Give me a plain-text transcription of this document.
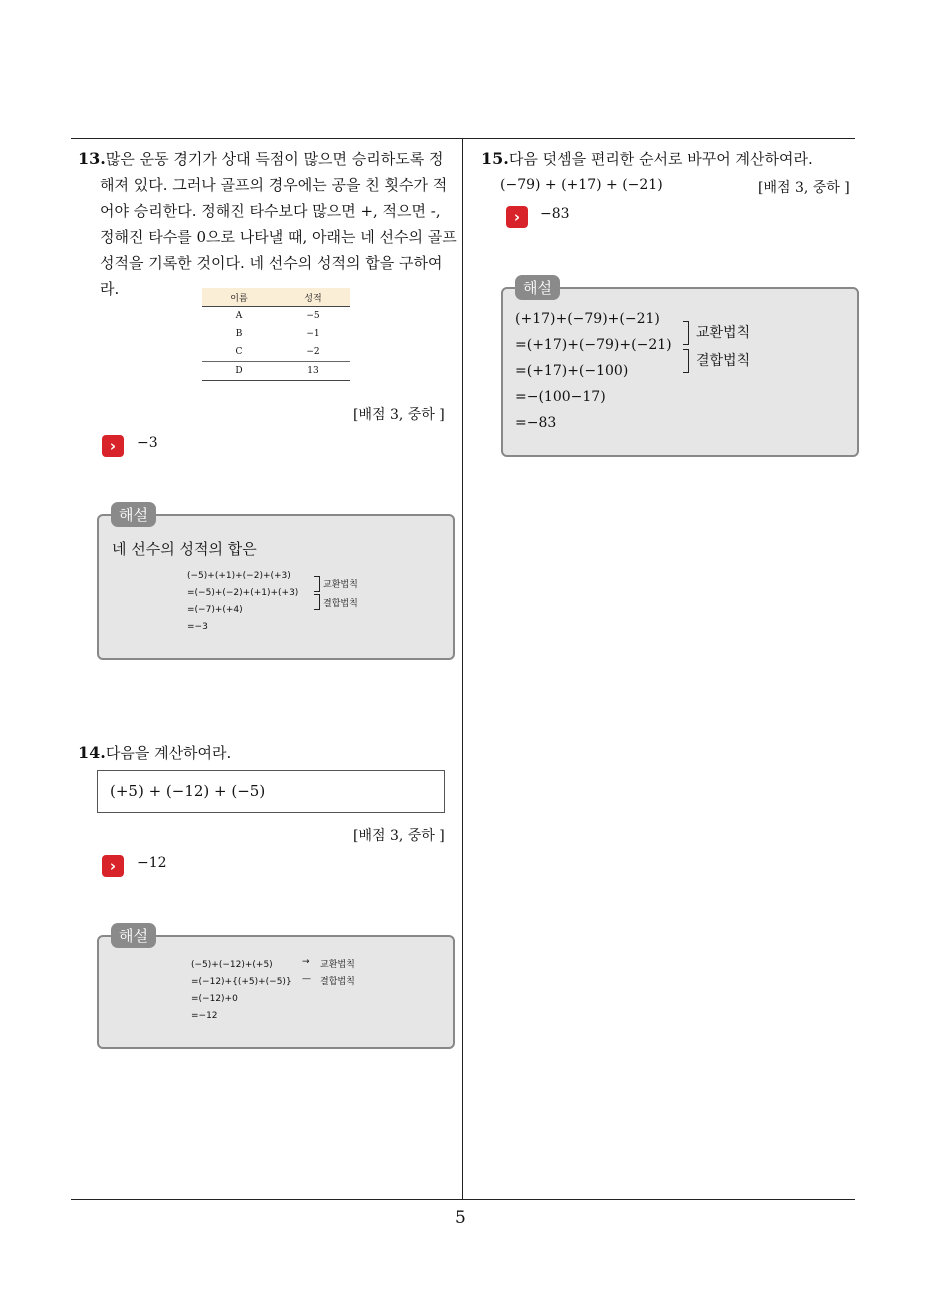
5
13.많은 운동 경기가 상대 득점이 많으면 승리하도록 정
해져 있다. 그러나 골프의 경우에는 공을 친 횟수가 적
어야 승리한다. 정해진 타수보다 많으면 +, 적으면 -,
정해진 타수를 0으로 나타낼 때, 아래는 네 선수의 골프
성적을 기록한 것이다. 네 선수의 성적의 합을 구하여라.
이름	성적
A	−5
B	−1
C	−2
D	13
[배점 3, 중하 ]
›	−3
네 선수의 성적의 합은
(−5)+(+1)+(−2)+(+3)
=(−5)+(−2)+(+1)+(+3)
=(−7)+(+4)
=−3
교환법칙
결합법칙
해설
14.다음을 계산하여라.
(+5) + (−12) + (−5)
[배점 3, 중하 ]
›	−12
(−5)+(−12)+(+5)
=(−12)+{(+5)+(−5)}
=(−12)+0
=−12
→
—
교환법칙
결합법칙
해설
15.다음 덧셈을 편리한 순서로 바꾸어 계산하여라.
(−79) + (+17) + (−21)	[배점 3, 중하 ]
›	−83
(+17)+(−79)+(−21)
=(+17)+(−79)+(−21)
=(+17)+(−100)
=−(100−17)
=−83
교환법칙
결합법칙
해설
